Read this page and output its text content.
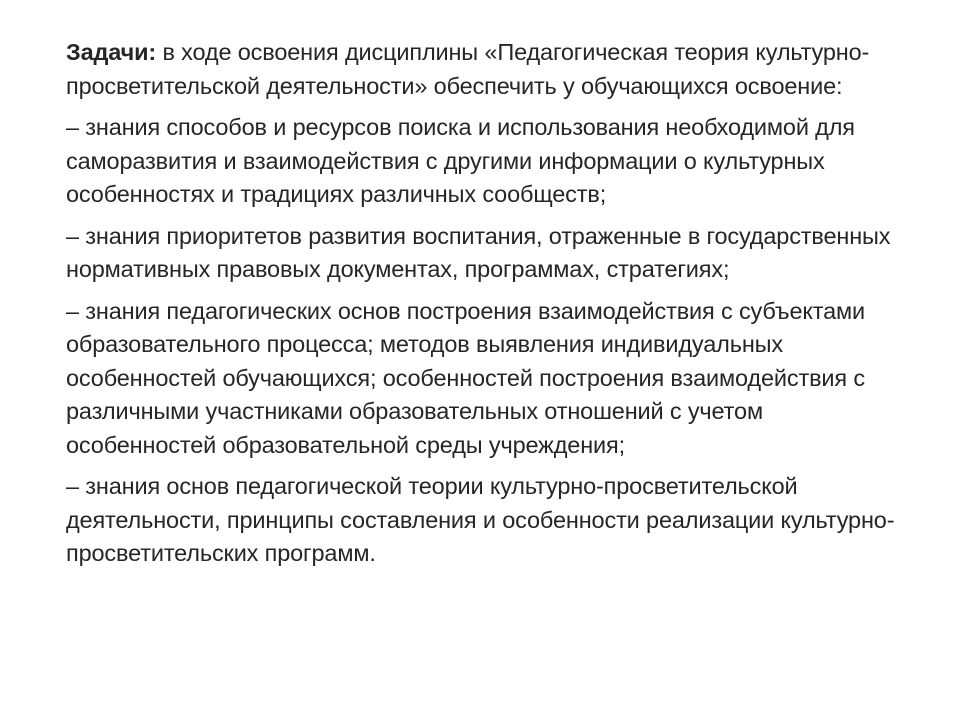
Задачи: в ходе освоения дисциплины «Педагогическая теория культурно-просветительской деятельности» обеспечить у обучающихся освоение:

– знания способов и ресурсов поиска и использования необходимой для саморазвития и взаимодействия с другими информации о культурных особенностях и традициях различных сообществ;

– знания приоритетов развития воспитания, отраженные в государственных нормативных правовых документах, программах, стратегиях;

– знания педагогических основ построения взаимодействия с субъектами образовательного процесса; методов выявления индивидуальных особенностей обучающихся; особенностей построения взаимодействия с различными участниками образовательных отношений с учетом особенностей образовательной среды учреждения;

– знания основ педагогической теории культурно-просветительской деятельности, принципы составления и особенности реализации культурно-просветительских программ.
